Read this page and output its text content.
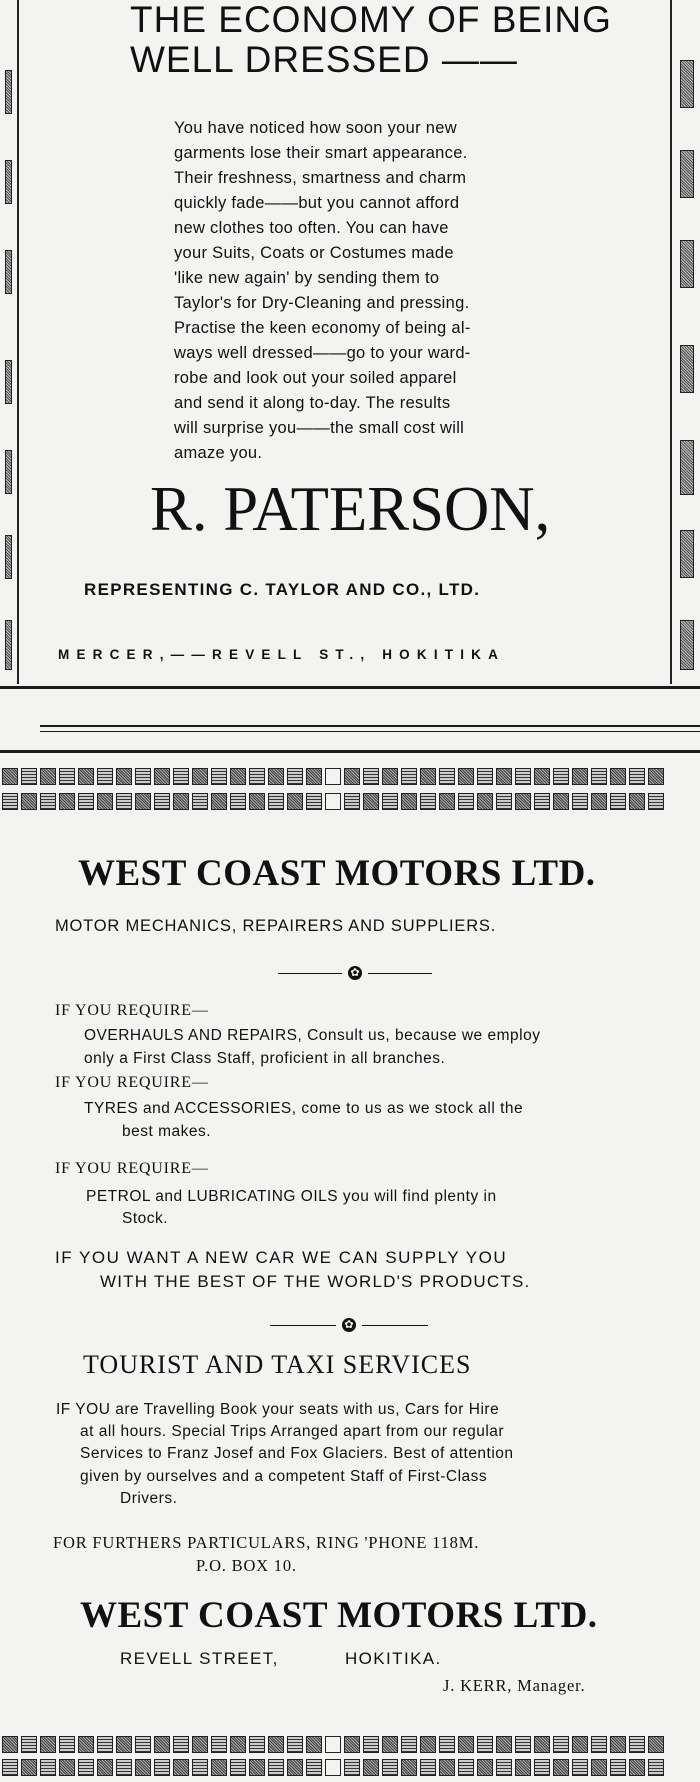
THE ECONOMY OF BEING
WELL DRESSED ——
You have noticed how soon your new
garments lose their smart appearance.
Their freshness, smartness and charm
quickly fade——but you cannot afford
new clothes too often. You can have
your Suits, Coats or Costumes made
'like new again' by sending them to
Taylor's for Dry-Cleaning and pressing.
Practise the keen economy of being al-
ways well dressed——go to your ward-
robe and look out your soiled apparel
and send it along to-day. The results
will surprise you——the small cost will
amaze you.
R. PATERSON,
REPRESENTING C. TAYLOR AND CO., LTD.
MERCER,——REVELL ST., HOKITIKA
WEST COAST MOTORS LTD.
MOTOR MECHANICS, REPAIRERS AND SUPPLIERS.
✿
IF YOU REQUIRE—
OVERHAULS AND REPAIRS, Consult us, because we employ
only a First Class Staff, proficient in all branches.
IF YOU REQUIRE—
TYRES and ACCESSORIES, come to us as we stock all the
best makes.
IF YOU REQUIRE—
PETROL and LUBRICATING OILS you will find plenty in
Stock.
IF YOU WANT A NEW CAR WE CAN SUPPLY YOU
WITH THE BEST OF THE WORLD'S PRODUCTS.
✿
TOURIST AND TAXI SERVICES
IF YOU are Travelling Book your seats with us, Cars for Hire
at all hours. Special Trips Arranged apart from our regular
Services to Franz Josef and Fox Glaciers. Best of attention
given by ourselves and a competent Staff of First-Class
Drivers.
FOR FURTHERS PARTICULARS, RING 'PHONE 118M.
P.O. BOX 10.
WEST COAST MOTORS LTD.
REVELL STREET,	HOKITIKA.
J. KERR, Manager.
